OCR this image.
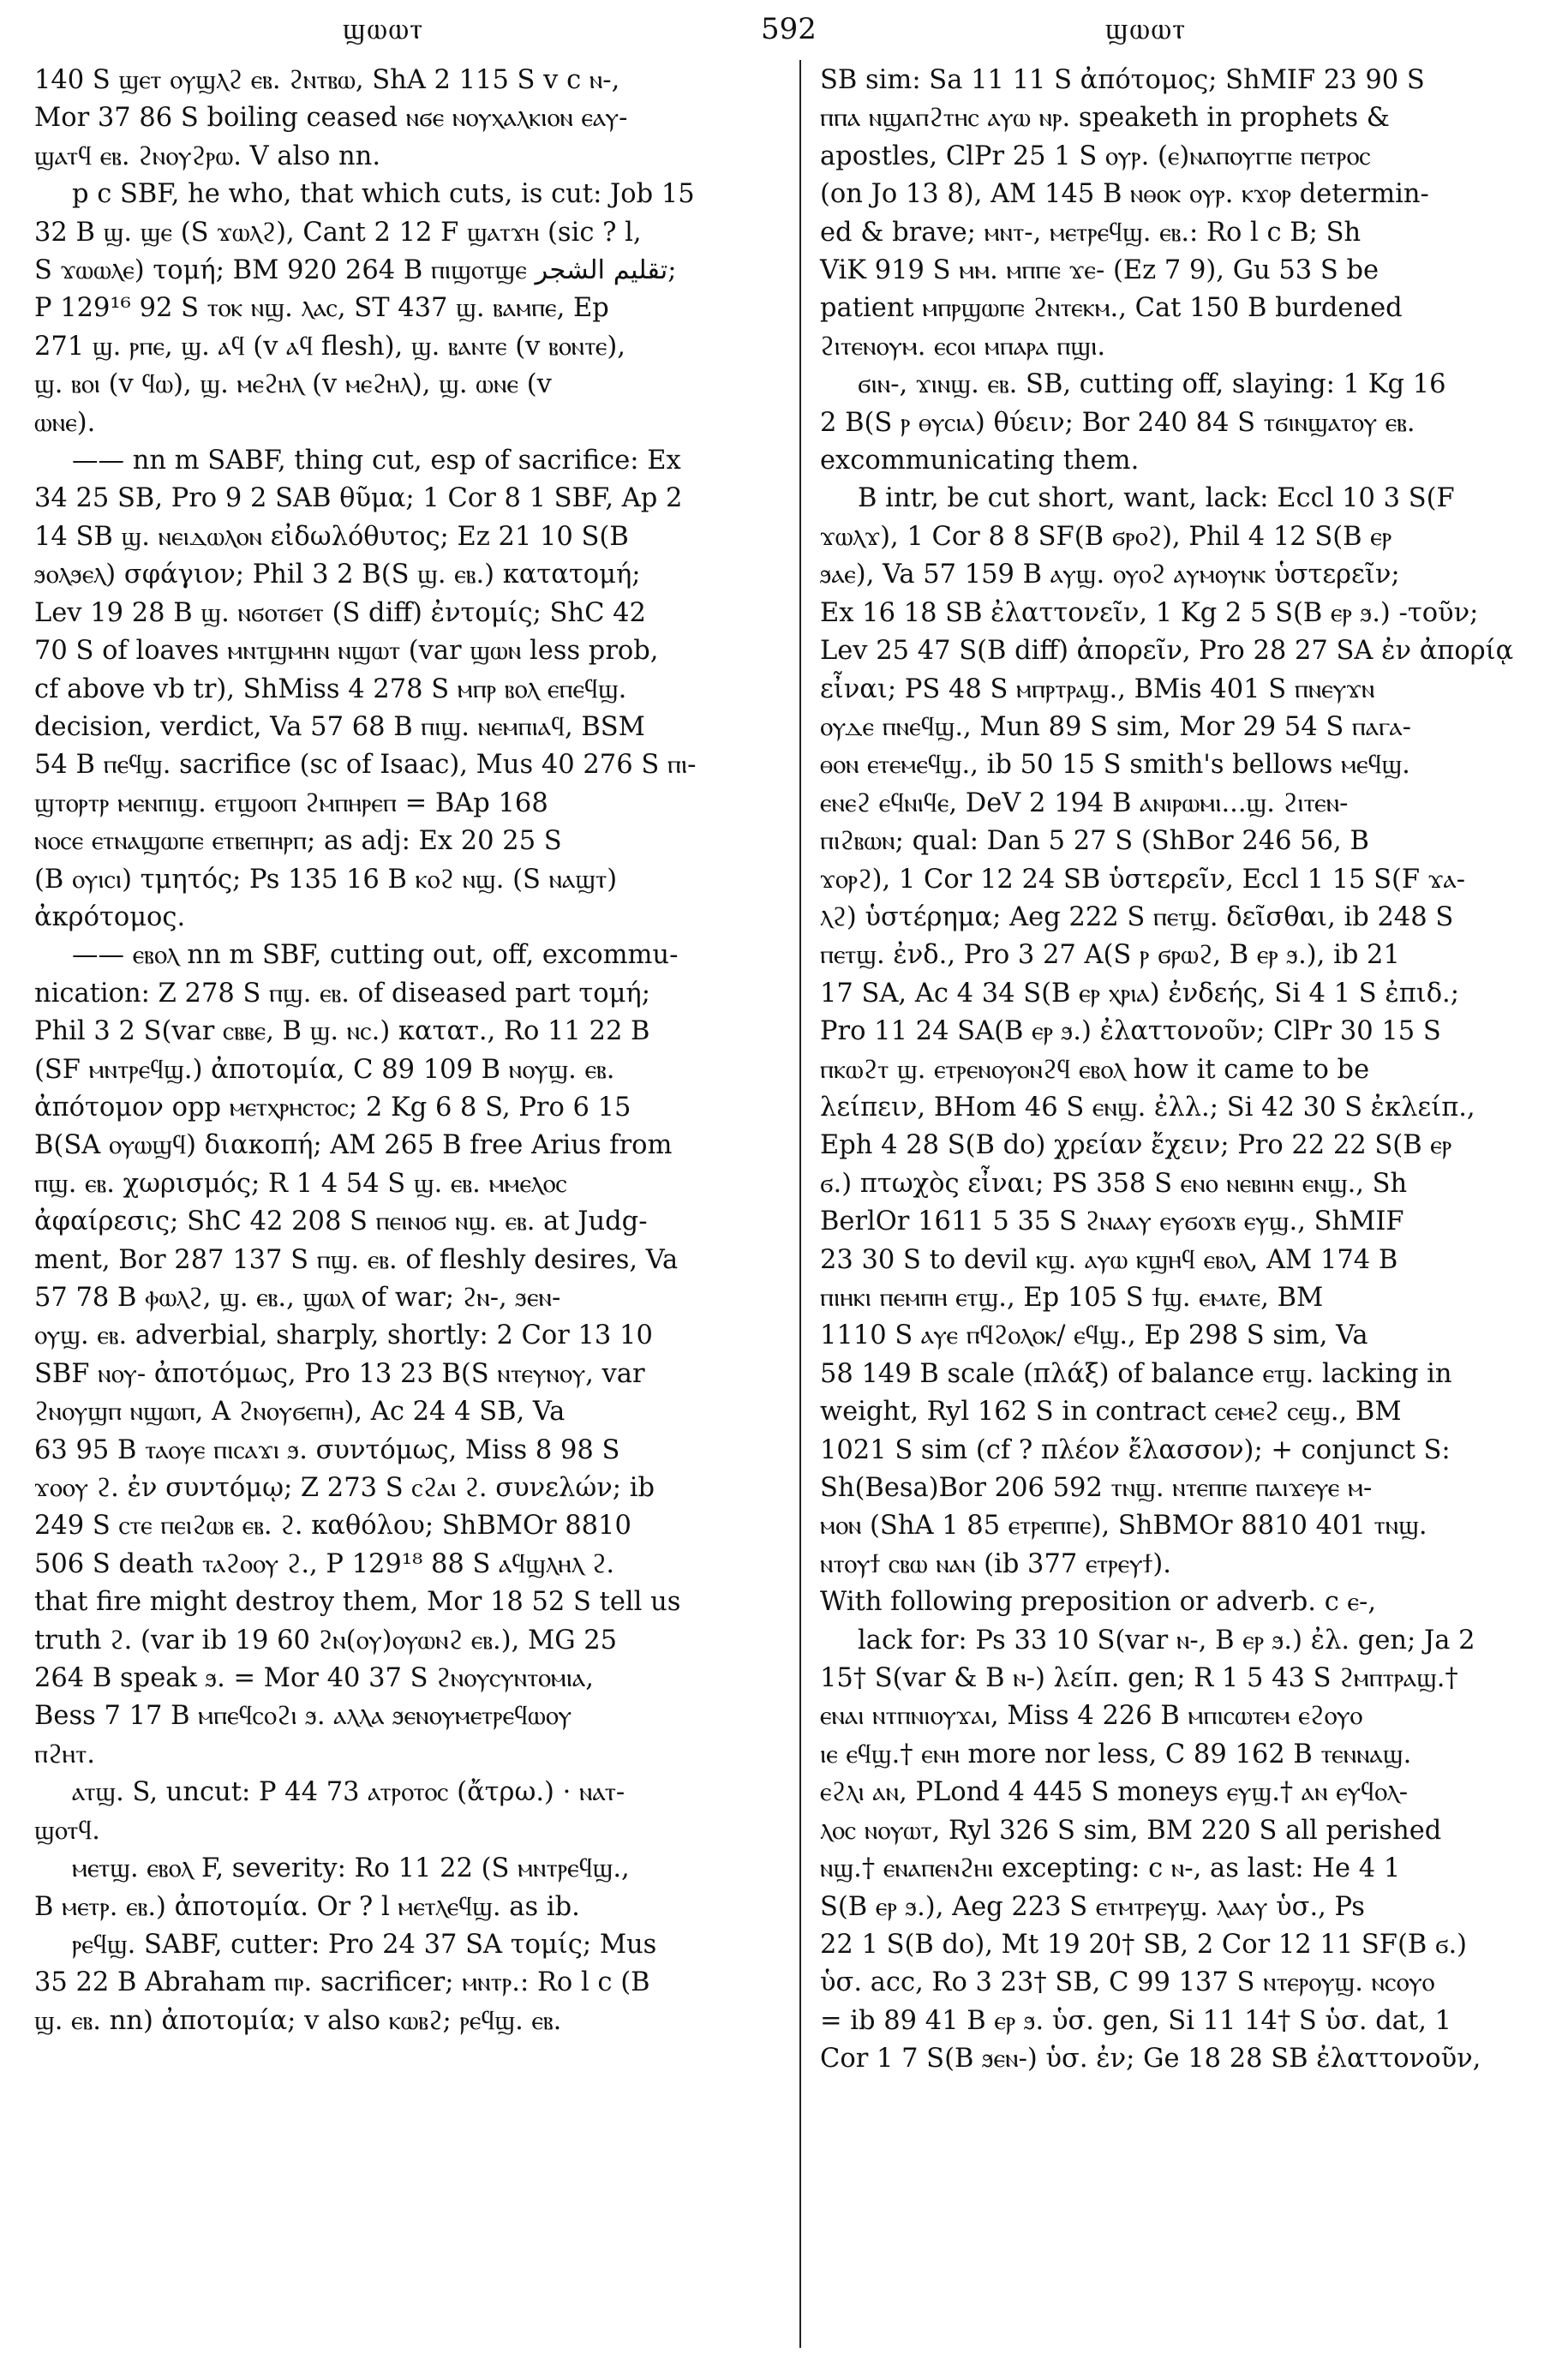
ϣⲱⲱⲧ	592	ϣⲱⲱⲧ

140 S ϣⲉⲧ ⲟⲩϣⲗϩ ⲉⲃ. ϩⲛⲧⲃⲱ, ShA 2 115 S v c ⲛ-,

Mor 37 86 S boiling ceased ⲛϭⲉ ⲛⲟⲩⲭⲁⲗⲕⲓⲟⲛ ⲉⲁⲩ-

ϣⲁⲧϥ ⲉⲃ. ϩⲛⲟⲩϩⲣⲱ. V also nn.

p c SBF, he who, that which cuts, is cut: Job 15

32 B ϣ. ϣⲉ (S ϫⲱⲗϩ), Cant 2 12 F ϣⲁⲧϫⲏ (sic ? l,

S ϫⲱⲱⲗⲉ) τομή; BM 920 264 B ⲡⲓϣⲟⲧϣⲉ تقليم الشجر;

P 129¹⁶ 92 S ⲧⲟⲕ ⲛϣ. ⲗⲁⲥ, ST 437 ϣ. ⲃⲁⲙⲡⲉ, Ep

271 ϣ. ⲣⲡⲉ, ϣ. ⲁϥ (v ⲁϥ flesh), ϣ. ⲃⲁⲛⲧⲉ (v ⲃⲟⲛⲧⲉ),

ϣ. ⲃⲟⲓ (v ϥⲱ), ϣ. ⲙⲉϩⲏⲗ (v ⲙⲉϩⲏⲗ), ϣ. ⲱⲛⲉ (v

ⲱⲛⲉ).

—— nn m SABF, thing cut, esp of sacrifice: Ex

34 25 SB, Pro 9 2 SAB θῦμα; 1 Cor 8 1 SBF, Ap 2

14 SB ϣ. ⲛⲉⲓⲇⲱⲗⲟⲛ εἰδωλόθυτος; Ez 21 10 S(B

ϧⲟⲗϧⲉⲗ) σφάγιον; Phil 3 2 B(S ϣ. ⲉⲃ.) κατατομή;

Lev 19 28 B ϣ. ⲛϭⲟⲧϭⲉⲧ (S diff) ἐντομίς; ShC 42

70 S of loaves ⲙⲛⲧϣⲙⲏⲛ ⲛϣⲱⲧ (var ϣⲱⲛ less prob,

cf above vb tr), ShMiss 4 278 S ⲙⲡⲣ ⲃⲟⲗ ⲉⲡⲉϥϣ.

decision, verdict, Va 57 68 B ⲡⲓϣ. ⲛⲉⲙⲡⲓⲁϥ, BSM

54 B ⲡⲉϥϣ. sacrifice (sc of Isaac), Mus 40 276 S ⲡⲓ-

ϣⲧⲟⲣⲧⲣ ⲙⲉⲛⲡⲓϣ. ⲉⲧϣⲟⲟⲡ ϩⲙⲡⲏⲣⲉⲡ = BAp 168

ⲛⲟⲥⲉ ⲉⲧⲛⲁϣⲱⲡⲉ ⲉⲧⲃⲉⲡⲏⲣⲡ; as adj: Ex 20 25 S

(B ⲟⲩⲓⲥⲓ) τμητός; Ps 135 16 B ⲕⲟϩ ⲛϣ. (S ⲛⲁϣⲧ)

ἀκρότομος.

—— ⲉⲃⲟⲗ nn m SBF, cutting out, off, excommu-

nication: Z 278 S ⲡϣ. ⲉⲃ. of diseased part τομή;

Phil 3 2 S(var ⲥⲃⲃⲉ, B ϣ. ⲛⲥ.) καταт., Ro 11 22 B

(SF ⲙⲛⲧⲣⲉϥϣ.) ἀποτομία, C 89 109 B ⲛⲟⲩϣ. ⲉⲃ.

ἀπότομον opp ⲙⲉⲧⲭⲣⲏⲥⲧⲟⲥ; 2 Kg 6 8 S, Pro 6 15

B(SA ⲟⲩⲱϣϥ) διακοπή; AM 265 B free Arius from

ⲡϣ. ⲉⲃ. χωρισμός; R 1 4 54 S ϣ. ⲉⲃ. ⲙⲙⲉⲗⲟⲥ

ἀφαίρεσις; ShC 42 208 S ⲡⲉⲓⲛⲟϭ ⲛϣ. ⲉⲃ. at Judg-

ment, Bor 287 137 S ⲡϣ. ⲉⲃ. of fleshly desires, Va

57 78 B ⲫⲱⲗϩ, ϣ. ⲉⲃ., ϣⲱⲗ of war; ϩⲛ-, ϧⲉⲛ-

ⲟⲩϣ. ⲉⲃ. adverbial, sharply, shortly: 2 Cor 13 10

SBF ⲛⲟⲩ- ἀποτόμως, Pro 13 23 B(S ⲛⲧⲉⲩⲛⲟⲩ, var

ϩⲛⲟⲩϣⲡ ⲛϣⲱⲡ, A ϩⲛⲟⲩϭⲉⲡⲏ), Ac 24 4 SB, Va

63 95 B ⲧⲁⲟⲩⲉ ⲡⲓⲥⲁϫⲓ ϧ. συντόμως, Miss 8 98 S

ϫⲟⲟⲩ ϩ. ἐν συντόμῳ; Z 273 S ⲥϩⲁⲓ ϩ. συνελών; ib

249 S ⲥⲧⲉ ⲡⲉⲓϩⲱⲃ ⲉⲃ. ϩ. καθόλου; ShBMOr 8810

506 S death ⲧⲁϩⲟⲟⲩ ϩ., P 129¹⁸ 88 S ⲁϥϣⲗⲏⲗ ϩ.

that fire might destroy them, Mor 18 52 S tell us

truth ϩ. (var ib 19 60 ϩⲛ(ⲟⲩ)ⲟⲩⲱⲛϩ ⲉⲃ.), MG 25

264 B speak ϧ. = Mor 40 37 S ϩⲛⲟⲩⲥⲩⲛⲧⲟⲙⲓⲁ,

Bess 7 17 B ⲙⲡⲉϥⲥⲟϩⲓ ϧ. ⲁⲗⲗⲁ ϧⲉⲛⲟⲩⲙⲉⲧⲣⲉϥⲱⲟⲩ

ⲡϩⲏⲧ.

ⲁⲧϣ. S, uncut: P 44 73 ⲁⲧⲣⲟⲧⲟⲥ (ἄτρω.) · ⲛⲁⲧ-

ϣⲟⲧϥ.

ⲙⲉⲧϣ. ⲉⲃⲟⲗ F, severity: Ro 11 22 (S ⲙⲛⲧⲣⲉϥϣ.,

B ⲙⲉⲧⲣ. ⲉⲃ.) ἀποτομία. Or ? l ⲙⲉⲧⲗⲉϥϣ. as ib.

ⲣⲉϥϣ. SABF, cutter: Pro 24 37 SA τομίς; Mus

35 22 B Abraham ⲡⲓⲣ. sacrificer; ⲙⲛⲧⲣ.: Ro l c (B

ϣ. ⲉⲃ. nn) ἀποτομία; v also ⲕⲱⲃϩ; ⲣⲉϥϣ. ⲉⲃ.

SB sim: Sa 11 11 S ἀπότομος; ShMIF 23 90 S

ⲡⲡⲁ ⲛϣⲁⲡϩⲧⲏⲥ ⲁⲩⲱ ⲛⲣ. speaketh in prophets &

apostles, ClPr 25 1 S ⲟⲩⲣ. (ⲉ)ⲛⲁⲡⲟⲩⲅⲡⲉ ⲡⲉⲧⲣⲟⲥ

(on Jo 13 8), AM 145 B ⲛⲑⲟⲕ ⲟⲩⲣ. ⲕϫⲟⲣ determin-

ed & brave; ⲙⲛⲧ-, ⲙⲉⲧⲣⲉϥϣ. ⲉⲃ.: Ro l c B; Sh

ViK 919 S ⲙⲙ. ⲙⲡⲡⲉ ϫⲉ- (Ez 7 9), Gu 53 S be

patient ⲙⲡⲣϣⲱⲡⲉ ϩⲛⲧⲉⲕⲙ., Cat 150 B burdened

ϩⲓⲧⲉⲛⲟⲩⲙ. ⲉⲥⲟⲓ ⲙⲡⲁⲣⲁ ⲡϣⲓ.

ϭⲓⲛ-, ϫⲓⲛϣ. ⲉⲃ. SB, cutting off, slaying: 1 Kg 16

2 B(S ⲣ ⲑⲩⲥⲓⲁ) θύειν; Bor 240 84 S ⲧϭⲓⲛϣⲁⲧⲟⲩ ⲉⲃ.

excommunicating them.

B intr, be cut short, want, lack: Eccl 10 3 S(F

ϫⲱⲗϫ), 1 Cor 8 8 SF(B ϭⲣⲟϩ), Phil 4 12 S(B ⲉⲣ

ϧⲁⲉ), Va 57 159 B ⲁⲩϣ. ⲟⲩⲟϩ ⲁⲩⲙⲟⲩⲛⲕ ὑστερεῖν;

Ex 16 18 SB ἐλαττονεῖν, 1 Kg 2 5 S(B ⲉⲣ ϧ.) -τοῦν;

Lev 25 47 S(B diff) ἀπορεῖν, Pro 28 27 SA ἐν ἀπορίᾳ

εἶναι; PS 48 S ⲙⲡⲣⲧⲣⲁϣ., BMis 401 S ⲡⲛⲉⲩϫⲛ

ⲟⲩⲇⲉ ⲡⲛⲉϥϣ., Mun 89 S sim, Mor 29 54 S ⲡⲁⲅⲁ-

ⲑⲟⲛ ⲉⲧⲉⲙⲉϥϣ., ib 50 15 S smith's bellows ⲙⲉϥϣ.

ⲉⲛⲉϩ ⲉϥⲛⲓϥⲉ, DeV 2 194 B ⲁⲛⲓⲣⲱⲙⲓ...ϣ. ϩⲓⲧⲉⲛ-

ⲡⲓϩⲃⲱⲛ; qual: Dan 5 27 S (ShBor 246 56, B

ϫⲟⲣϩ), 1 Cor 12 24 SB ὑστερεῖν, Eccl 1 15 S(F ϫⲁ-

ⲗϩ) ὑστέρημα; Aeg 222 S ⲡⲉⲧϣ. δεῖσθαι, ib 248 S

ⲡⲉⲧϣ. ἐνδ., Pro 3 27 A(S ⲣ ϭⲣⲱϩ, B ⲉⲣ ϧ.), ib 21

17 SA, Ac 4 34 S(B ⲉⲣ ⲭⲣⲓⲁ) ἐνδεής, Si 4 1 S ἐπιδ.;

Pro 11 24 SA(B ⲉⲣ ϧ.) ἐλαττονοῦν; ClPr 30 15 S

ⲡⲕⲱϩⲧ ϣ. ⲉⲧⲣⲉⲛⲟⲩⲟⲛϩϥ ⲉⲃⲟⲗ how it came to be

λείπειν, BHom 46 S ⲉⲛϣ. ἐλλ.; Si 42 30 S ἐκλείπ.,

Eph 4 28 S(B do) χρείαν ἔχειν; Pro 22 22 S(B ⲉⲣ

ϭ.) πτωχὸς εἶναι; PS 358 S ⲉⲛⲟ ⲛⲉⲃⲓⲏⲛ ⲉⲛϣ., Sh

BerlOr 1611 5 35 S ϩⲛⲁⲁⲩ ⲉⲩϭⲟϫⲃ ⲉⲩϣ., ShMIF

23 30 S to devil ⲕϣ. ⲁⲩⲱ ⲕϣⲏϥ ⲉⲃⲟⲗ, AM 174 B

ⲡⲓⲏⲕⲓ ⲡⲉⲙⲡⲏ ⲉⲧϣ., Ep 105 S ϯϣ. ⲉⲙⲁⲧⲉ, BM

1110 S ⲁⲩⲉ ⲡϥϩⲟⲗⲟⲕ/ ⲉϥϣ., Ep 298 S sim, Va

58 149 B scale (πλάξ) of balance ⲉⲧϣ. lacking in

weight, Ryl 162 S in contract ⲥⲉⲙⲉϩ ⲥⲉϣ., BM

1021 S sim (cf ? πλέον ἔλασσον); + conjunct S:

Sh(Besa)Bor 206 592 ⲧⲛϣ. ⲛⲧⲉⲡⲡⲉ ⲡⲁⲓϫⲉⲩⲉ ⲙ-

ⲙⲟⲛ (ShA 1 85 ⲉⲧⲣⲉⲡⲡⲉ), ShBMOr 8810 401 ⲧⲛϣ.

ⲛⲧⲟⲩϯ ⲥⲃⲱ ⲛⲁⲛ (ib 377 ⲉⲧⲣⲉⲩϯ).

With following preposition or adverb. c ⲉ-,

lack for: Ps 33 10 S(var ⲛ-, B ⲉⲣ ϧ.) ἐλ. gen; Ja 2

15† S(var & B ⲛ-) λείπ. gen; R 1 5 43 S ϩⲙⲡⲧⲣⲁϣ.†

ⲉⲛⲁⲓ ⲛⲧⲡⲛⲓⲟⲩϫⲁⲓ, Miss 4 226 B ⲙⲡⲓⲥⲱⲧⲉⲙ ⲉϩⲟⲩⲟ

ⲓⲉ ⲉϥϣ.† ⲉⲛⲏ more nor less, C 89 162 B ⲧⲉⲛⲛⲁϣ.

ⲉϩⲗⲓ ⲁⲛ, PLond 4 445 S moneys ⲉⲩϣ.† ⲁⲛ ⲉⲩϥⲟⲗ-

ⲗⲟⲥ ⲛⲟⲩⲱⲧ, Ryl 326 S sim, BM 220 S all perished

ⲛϣ.† ⲉⲛⲁⲡⲉⲛϩⲏⲓ excepting: c ⲛ-, as last: He 4 1

S(B ⲉⲣ ϧ.), Aeg 223 S ⲉⲧⲙⲧⲣⲉⲩϣ. ⲗⲁⲁⲩ ὑσ., Ps

22 1 S(B do), Mt 19 20† SB, 2 Cor 12 11 SF(B ϭ.)

ὑσ. acc, Ro 3 23† SB, C 99 137 S ⲛⲧⲉⲣⲟⲩϣ. ⲛⲥⲟⲩⲟ

= ib 89 41 B ⲉⲣ ϧ. ὑσ. gen, Si 11 14† S ὑσ. dat, 1

Cor 1 7 S(B ϧⲉⲛ-) ὑσ. ἐν; Ge 18 28 SB ἐλαττονοῦν,
